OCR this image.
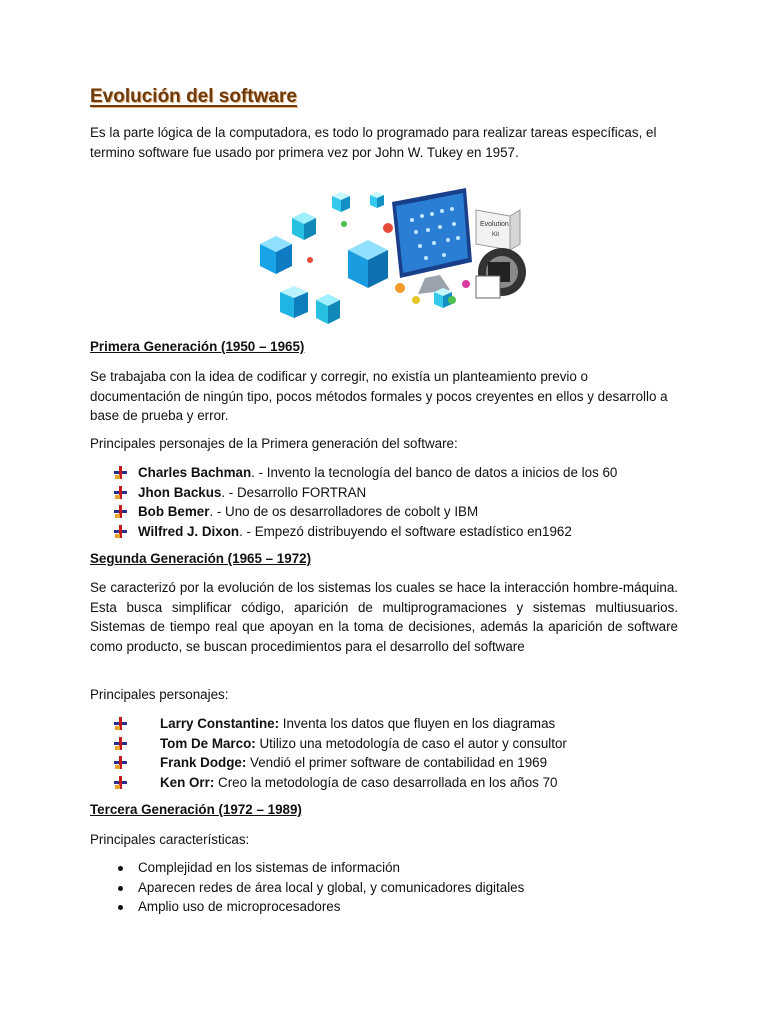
Evolución del software

Es la parte lógica de la computadora, es todo lo programado para realizar tareas específicas, el termino software fue usado por primera vez por John W. Tukey en 1957.

Evolution
Kit
Primera Generación (1950 – 1965)

Se trabajaba con la idea de codificar y corregir, no existía un planteamiento previo o documentación de ningún tipo, pocos métodos formales y pocos creyentes en ellos y desarrollo a base de prueba y error.

Principales personajes de la Primera generación del software:

Charles Bachman. - Invento la tecnología del banco de datos a inicios de los 60
Jhon Backus. - Desarrollo FORTRAN
Bob Bemer. - Uno de os desarrolladores de cobolt y IBM
Wilfred J. Dixon. - Empezó distribuyendo el software estadístico en1962
Segunda Generación (1965 – 1972)

Se caracterizó por la evolución de los sistemas los cuales se hace la interacción hombre-máquina. Esta busca simplificar código, aparición de multiprogramaciones y sistemas multiusuarios. Sistemas de tiempo real que apoyan en la toma de decisiones, además la aparición de software como producto, se buscan procedimientos para el desarrollo del software

Principales personajes:

Larry Constantine: Inventa los datos que fluyen en los diagramas
Tom De Marco: Utilizo una metodología de caso el autor y consultor
Frank Dodge: Vendió el primer software de contabilidad en 1969
Ken Orr: Creo la metodología de caso desarrollada en los años 70
Tercera Generación (1972 – 1989)

Principales características:

Complejidad en los sistemas de información
Aparecen redes de área local y global, y comunicadores digitales
Amplio uso de microprocesadores
